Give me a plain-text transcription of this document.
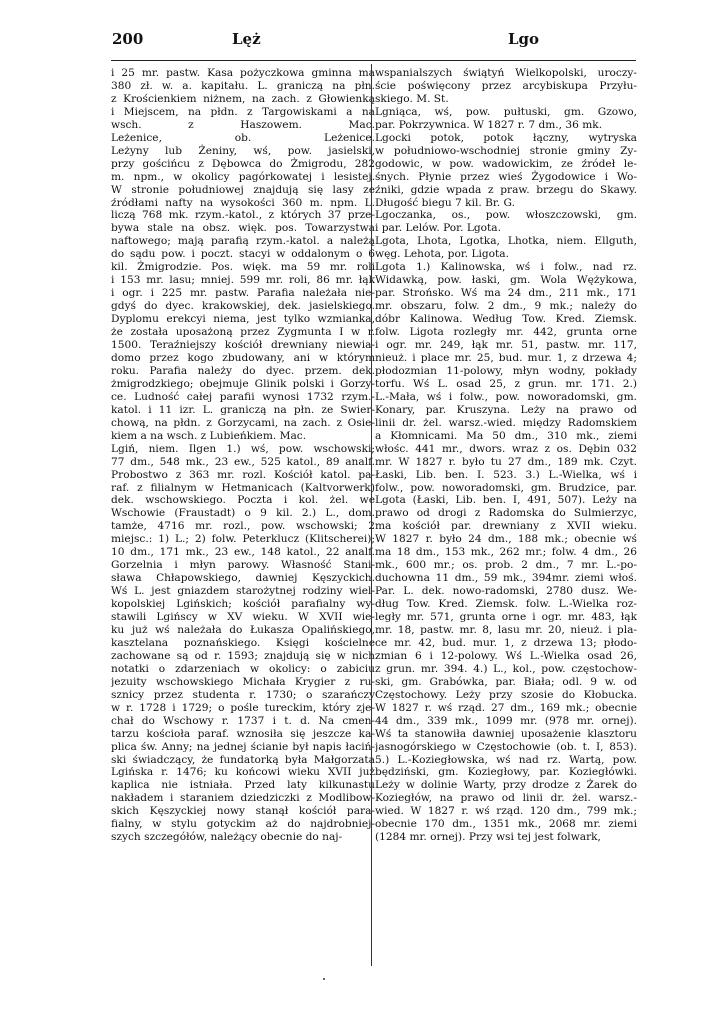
200	Lęż	Lgo
i 25 mr. pastw. Kasa pożyczkowa gminna ma
380 zł. w. a. kapitału. L. graniczą na płn.
z Krościenkiem niżnem, na zach. z Głowienką
i Miejscem, na płdn. z Targowiskami a na
wsch. z Haszowem. Mac.
Leżenice, ob. Leżenice.
Leżyny lub Żeniny, wś, pow. jasielski,
przy gościńcu z Dębowca do Żmigrodu, 282
m. npm., w okolicy pagórkowatej i lesistej.
W stronie południowej znajdują się lasy ze
źródłami nafty na wysokości 360 m. npm. L.
liczą 768 mk. rzym.-katol., z których 37 prze-
bywa stale na obsz. więk. pos. Towarzystwa
naftowego; mają parafią rzym.-katol. a należą
do sądu pow. i poczt. stacyi w oddalonym o 6
kil. Żmigrodzie. Pos. więk. ma 59 mr. roli
i 153 mr. lasu; mniej. 599 mr. roli, 86 mr. łąk
i ogr. i 225 mr. pastw. Parafia należała nie-
gdyś do dyec. krakowskiej, dek. jasielskiego.
Dyplomu erekcyi niema, jest tylko wzmianka,
że została uposażoną przez Zygmunta I w r.
1500. Teraźniejszy kościół drewniany niewia-
domo przez kogo zbudowany, ani w którym
roku. Parafia należy do dyec. przem. dek.
żmigrodzkiego; obejmuje Glinik polski i Gorzy-
ce. Ludność całej parafii wynosi 1732 rzym.-
katol. i 11 izr. L. graniczą na płn. ze Swier-
chową, na płdn. z Gorzycami, na zach. z Osie-
kiem a na wsch. z Lubieńkiem. Mac.
Lgiń, niem. Ilgen 1.) wś, pow. wschowski;
77 dm., 548 mk., 23 ew., 525 katol., 89 analf.
Probostwo z 363 mr. rozl. Kościół katol. pa-
raf. z filialnym w Hetmanicach (Kaltvorwerk)
dek. wschowskiego. Poczta i kol. żel. we
Wschowie (Fraustadt) o 9 kil. 2.) L., dom.
tamże, 4716 mr. rozl., pow. wschowski; 2
miejsc.: 1) L.; 2) folw. Peterklucz (Klitscherei);
10 dm., 171 mk., 23 ew., 148 katol., 22 analf.
Gorzelnia i młyn parowy. Własność Stani-
sława Chłapowskiego, dawniej Kęszyckich.
Wś L. jest gniazdem starożytnej rodziny wiel-
kopolskiej Lgińskich; kościół parafialny wy-
stawili Lgińscy w XV wieku. W XVII wie-
ku już wś należała do Łukasza Opalińskiego,
kasztelana poznańskiego. Księgi kościelne
zachowane są od r. 1593; znajdują się w nich
notatki o zdarzeniach w okolicy: o zabiciu
jezuity wschowskiego Michała Krygier z ru-
sznicy przez studenta r. 1730; o szarańczy
w r. 1728 i 1729; o pośle tureckim, który zje-
chał do Wschowy r. 1737 i t. d. Na cmen-
tarzu kościoła paraf. wznosiła się jeszcze ka-
plica św. Anny; na jednej ścianie był napis łaciń-
ski świadczący, że fundatorką była Małgorzata
Lgińska r. 1476; ku końcowi wieku XVII już
kaplica nie istniała. Przed laty kilkunastu
nakładem i staraniem dziedziczki z Modlibow-
skich Kęszyckiej nowy stanął kościół para-
fialny, w stylu gotyckim aż do najdrobniej-
szych szczegółów, należący obecnie do naj-
wspanialszych świątyń Wielkopolski, uroczy-
ście poświęcony przez arcybiskupa Przyłu-
skiego. M. St.
Lgniąca, wś, pow. pułtuski, gm. Gzowo,
par. Pokrzywnica. W 1827 r. 7 dm., 36 mk.
Lgocki potok, potok łączny, wytryska
w południowo-wschodniej stronie gminy Zy-
godowic, w pow. wadowickim, ze źródeł le-
śnych. Płynie przez wieś Żygodowice i Wo-
źniki, gdzie wpada z praw. brzegu do Skawy.
Długość biegu 7 kil. Br. G.
Lgoczanka, os., pow. włoszczowski, gm.
i par. Lelów. Por. Lgota.
Lgota, Lhota, Lgotka, Lhotka, niem. Ellguth,
węg. Lehota, por. Ligota.
Lgota 1.) Kalinowska, wś i folw., nad rz.
Widawką, pow. łaski, gm. Wola Wężykowa,
par. Strońsko. Wś ma 24 dm., 211 mk., 171
mr. obszaru, folw. 2 dm., 9 mk.; należy do
dóbr Kalinowa. Według Tow. Kred. Ziemsk.
folw. Ligota rozległy mr. 442, grunta orne
i ogr. mr. 249, łąk mr. 51, pastw. mr. 117,
nieuż. i place mr. 25, bud. mur. 1, z drzewa 4;
płodozmian 11-polowy, młyn wodny, pokłady
torfu. Wś L. osad 25, z grun. mr. 171. 2.)
L.-Mała, wś i folw., pow. noworadomski, gm.
Konary, par. Kruszyna. Leży na prawo od
linii dr. żel. warsz.-wied. między Radomskiem
a Kłomnicami. Ma 50 dm., 310 mk., ziemi
włośc. 441 mr., dwors. wraz z os. Dębin 032
mr. W 1827 r. było tu 27 dm., 189 mk. Czyt.
Łaski, Lib. ben. I. 523. 3.) L.-Wielka, wś i
folw., pow. noworadomski, gm. Brudzice, par.
Lgota (Łaski, Lib. ben. I, 491, 507). Leży na
prawo od drogi z Radomska do Sulmierzyc,
ma kościół par. drewniany z XVII wieku.
W 1827 r. było 24 dm., 188 mk.; obecnie wś
ma 18 dm., 153 mk., 262 mr.; folw. 4 dm., 26
mk., 600 mr.; os. prob. 2 dm., 7 mr. L.-po-
duchowna 11 dm., 59 mk., 394mr. ziemi włoś.
Par. L. dek. nowo-radomski, 2780 dusz. We-
dług Tow. Kred. Ziemsk. folw. L.-Wielka roz-
legły mr. 571, grunta orne i ogr. mr. 483, łąk
mr. 18, pastw. mr. 8, lasu mr. 20, nieuż. i pla-
ce mr. 42, bud. mur. 1, z drzewa 13; płodo-
zmian 6 i 12-polowy. Wś L.-Wielka osad 26,
z grun. mr. 394. 4.) L., kol., pow. częstochow-
ski, gm. Grabówka, par. Biała; odl. 9 w. od
Częstochowy. Leży przy szosie do Kłobucka.
W 1827 r. wś rząd. 27 dm., 169 mk.; obecnie
44 dm., 339 mk., 1099 mr. (978 mr. ornej).
Wś ta stanowiła dawniej uposażenie klasztoru
jasnogórskiego w Częstochowie (ob. t. I, 853).
5.) L.-Koziegłowska, wś nad rz. Wartą, pow.
będziński, gm. Koziegłowy, par. Koziegłówki.
Leży w dolinie Warty, przy drodze z Żarek do
Koziegłów, na prawo od linii dr. żel. warsz.-
wied. W 1827 r. wś rząd. 120 dm., 799 mk.;
obecnie 170 dm., 1351 mk., 2068 mr. ziemi
(1284 mr. ornej). Przy wsi tej jest folwark,
